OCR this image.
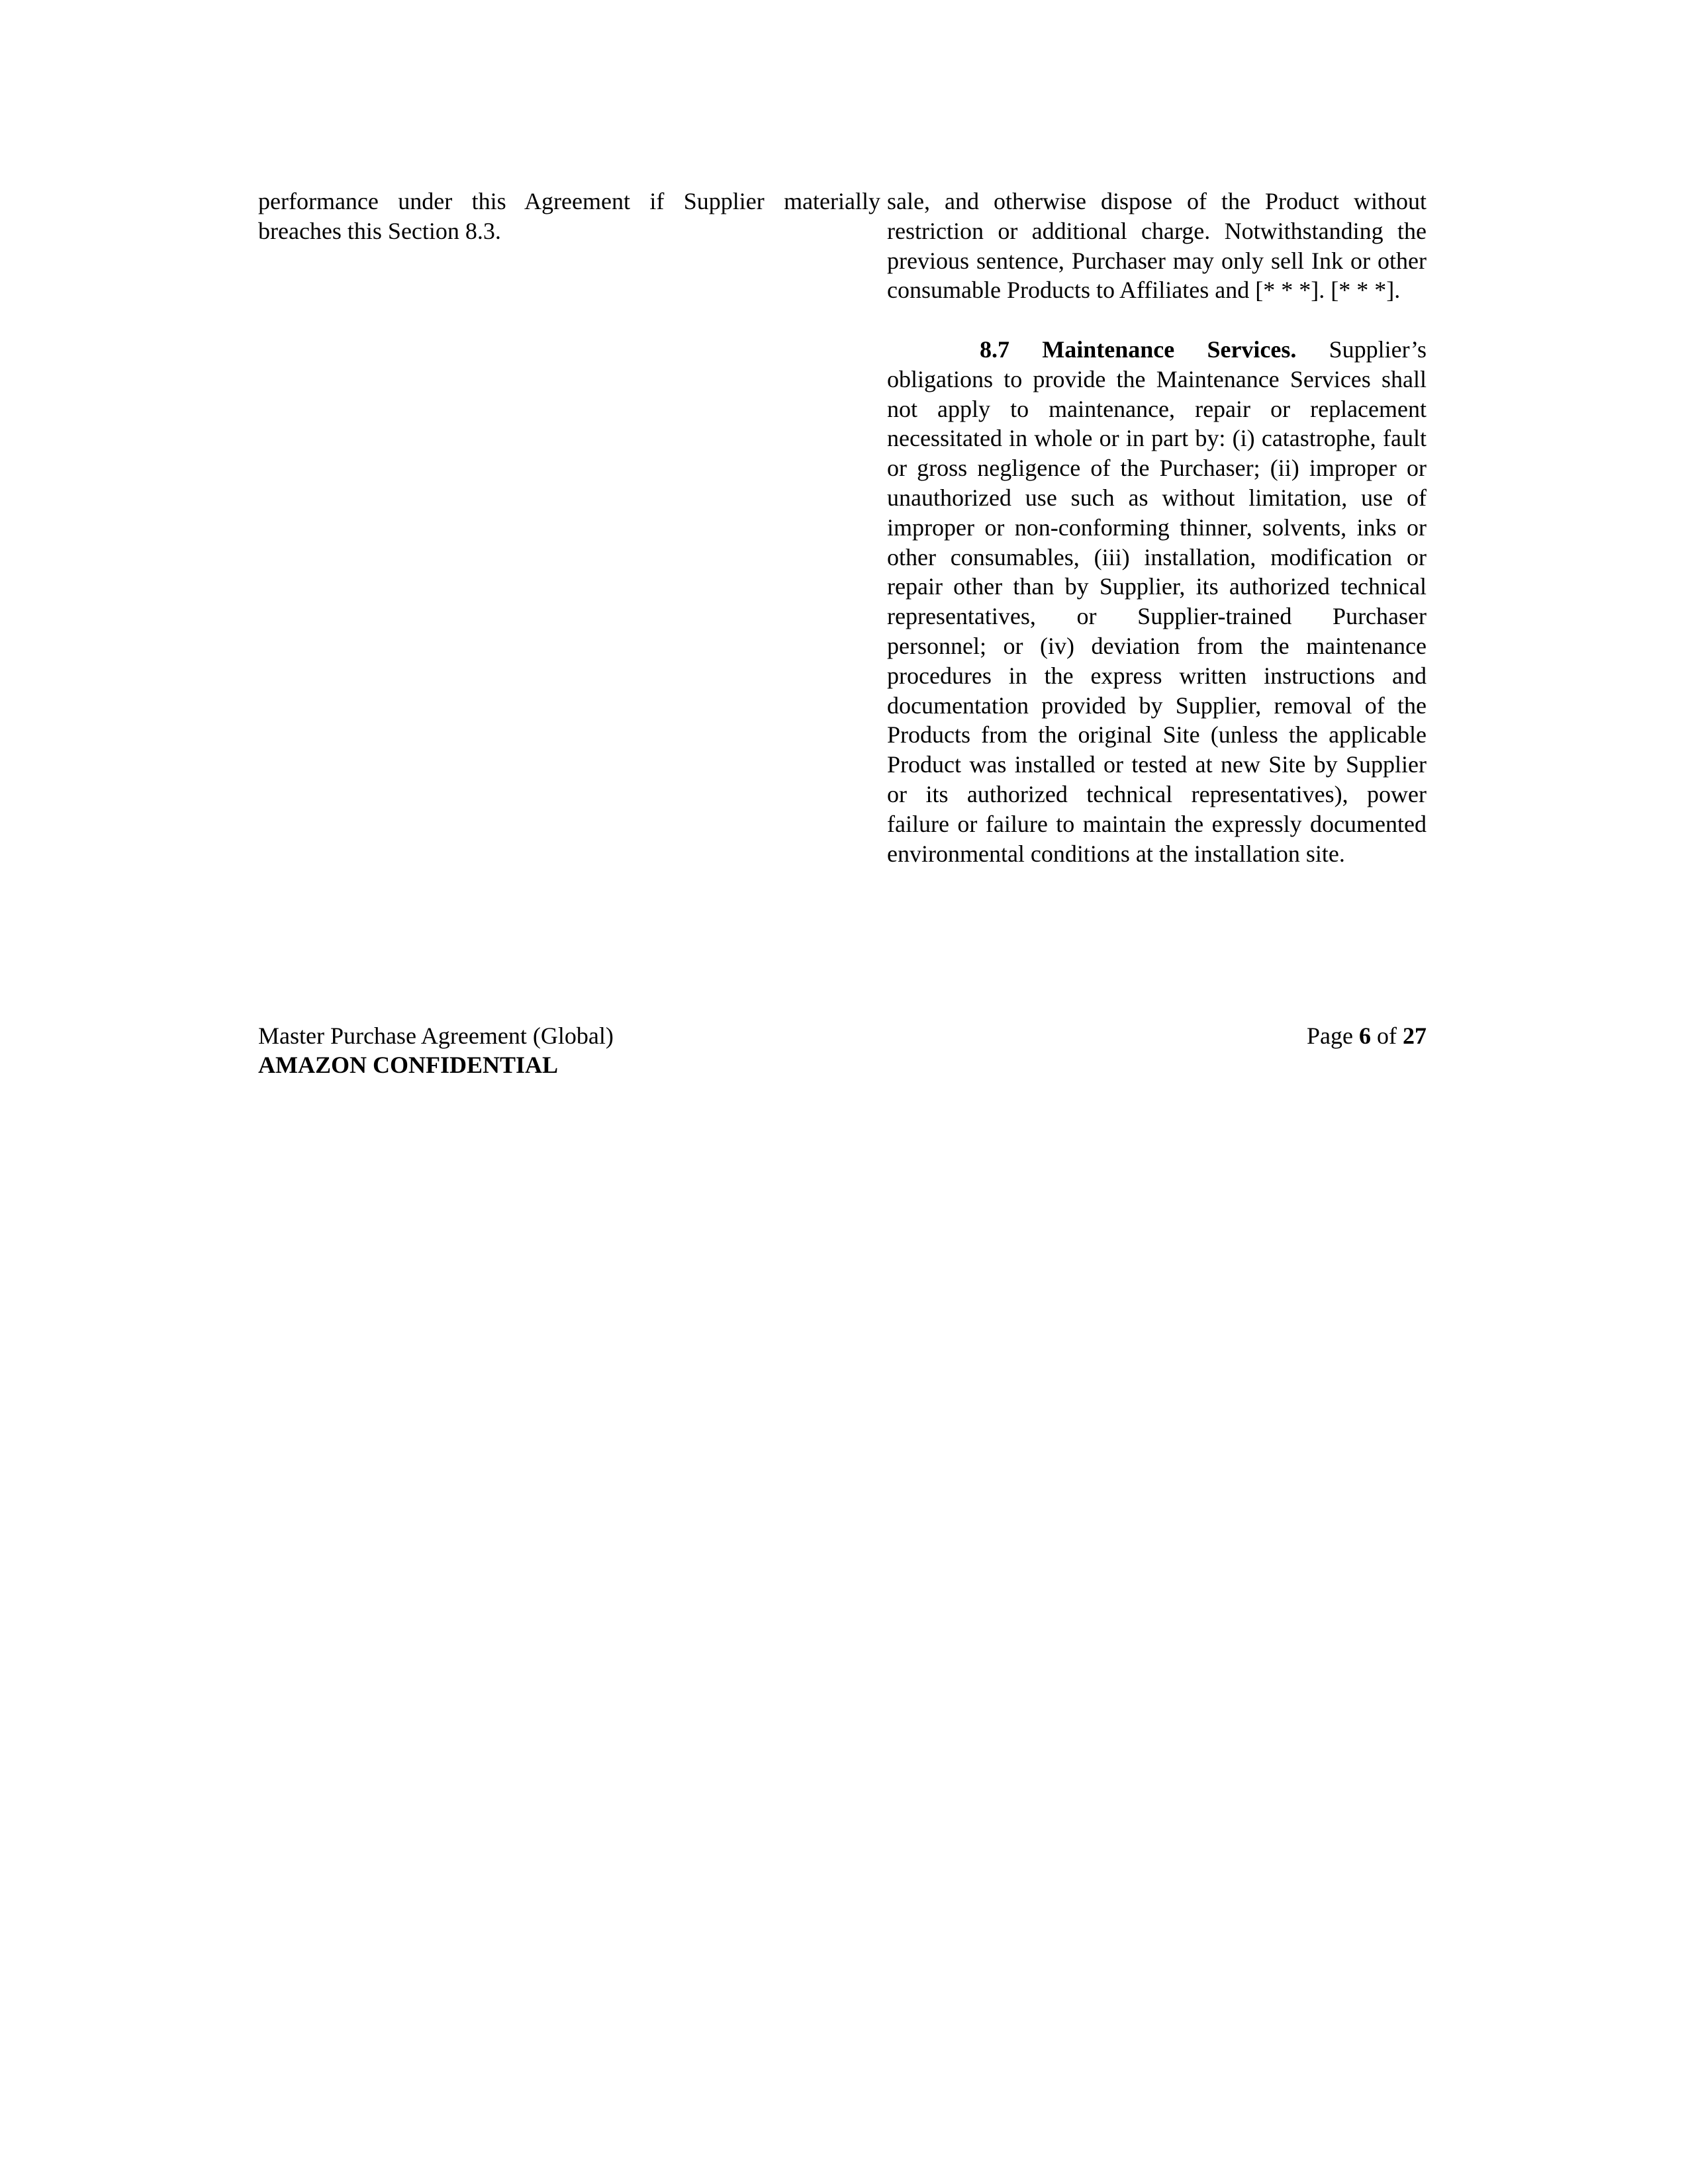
performance under this Agreement if Supplier materially breaches this Section 8.3.

sale, and otherwise dispose of the Product without restriction or additional charge. Notwithstanding the previous sentence, Purchaser may only sell Ink or other consumable Products to Affiliates and [* * *]. [* * *].

8.7 Maintenance Services. Supplier’s obligations to provide the Maintenance Services shall not apply to maintenance, repair or replacement necessitated in whole or in part by: (i) catastrophe, fault or gross negligence of the Purchaser; (ii) improper or unauthorized use such as without limitation, use of improper or non-conforming thinner, solvents, inks or other consumables, (iii) installation, modification or repair other than by Supplier, its authorized technical representatives, or Supplier-trained Purchaser personnel; or (iv) deviation from the maintenance procedures in the express written instructions and documentation provided by Supplier, removal of the Products from the original Site (unless the applicable Product was installed or tested at new Site by Supplier or its authorized technical representatives), power failure or failure to maintain the expressly documented environmental conditions at the installation site.

Master Purchase Agreement (Global)
AMAZON CONFIDENTIAL
Page 6 of 27
